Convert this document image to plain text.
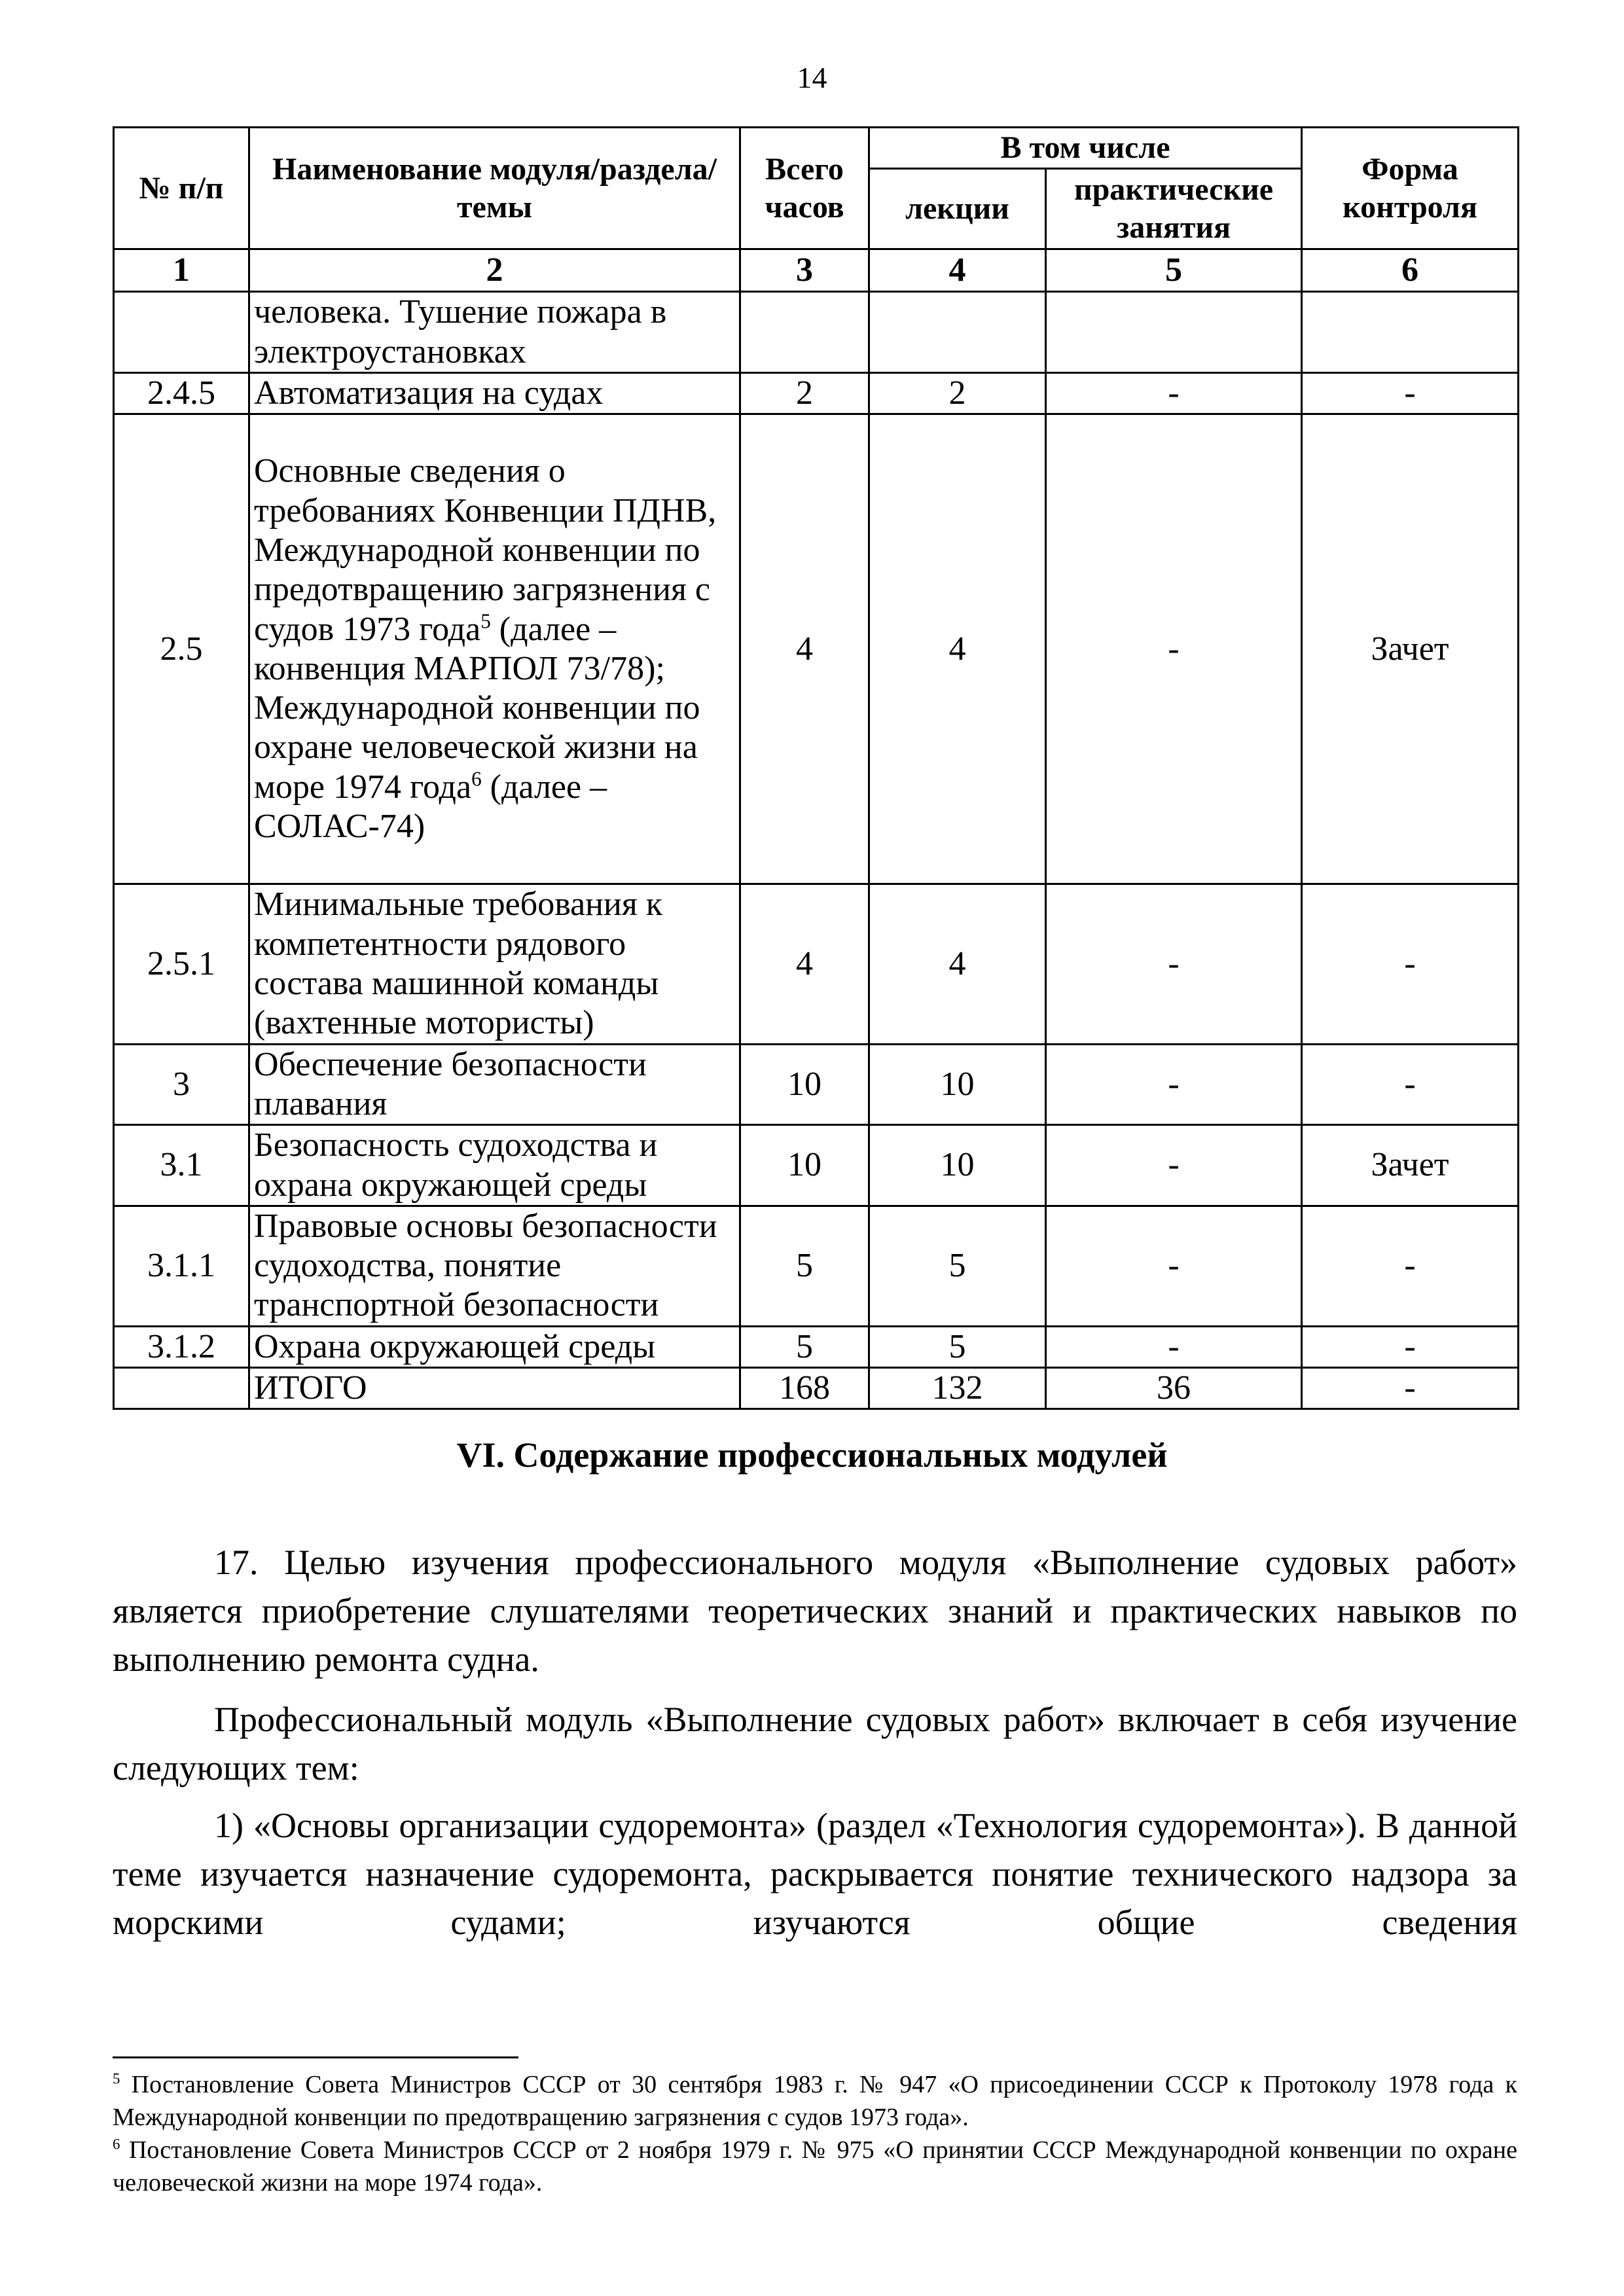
14
№ п/п	Наименование модуля/раздела/темы	Всего часов	В том числе		Форма контроля
			лекции	практические занятия	
1	2	3	4	5	6
	человека. Тушение пожара в электроустановках				
2.4.5	Автоматизация на судах	2	2	-	-
2.5	Основные сведения о требованиях Конвенции ПДНВ, Международной конвенции по предотвращению загрязнения с судов 1973 года$^5$ (далее – конвенция МАРПОЛ 73/78); Международной конвенции по охране человеческой жизни на море 1974 года$^6$ (далее – СОЛАС-74)	4	4	-	Зачет
2.5.1	Минимальные требования к компетентности рядового состава машинной команды (вахтенные мотористы)	4	4	-	-
3	Обеспечение безопасности плавания	10	10	-	-
3.1	Безопасность судоходства и охрана окружающей среды	10	10	-	Зачет
3.1.1	Правовые основы безопасности судоходства, понятие транспортной безопасности	5	5	-	-
3.1.2	Охрана окружающей среды	5	5	-	-
	ИТОГО	168	132	36	-
VI. Содержание профессиональных модулей

17. Целью изучения профессионального модуля «Выполнение судовых работ» является приобретение слушателями теоретических знаний и практических навыков по выполнению ремонта судна.

Профессиональный модуль «Выполнение судовых работ» включает в себя изучение следующих тем:

1) «Основы организации судоремонта» (раздел «Технология судоремонта»). В данной теме изучается назначение судоремонта, раскрывается понятие технического надзора за морскими судами; изучаются общие сведения

$^5$ Постановление Совета Министров СССР от 30 сентября 1983 г. № 947 «О присоединении СССР к Протоколу 1978 года к Международной конвенции по предотвращению загрязнения с судов 1973 года».

$^6$ Постановление Совета Министров СССР от 2 ноября 1979 г. № 975 «О принятии СССР Международной конвенции по охране человеческой жизни на море 1974 года».
